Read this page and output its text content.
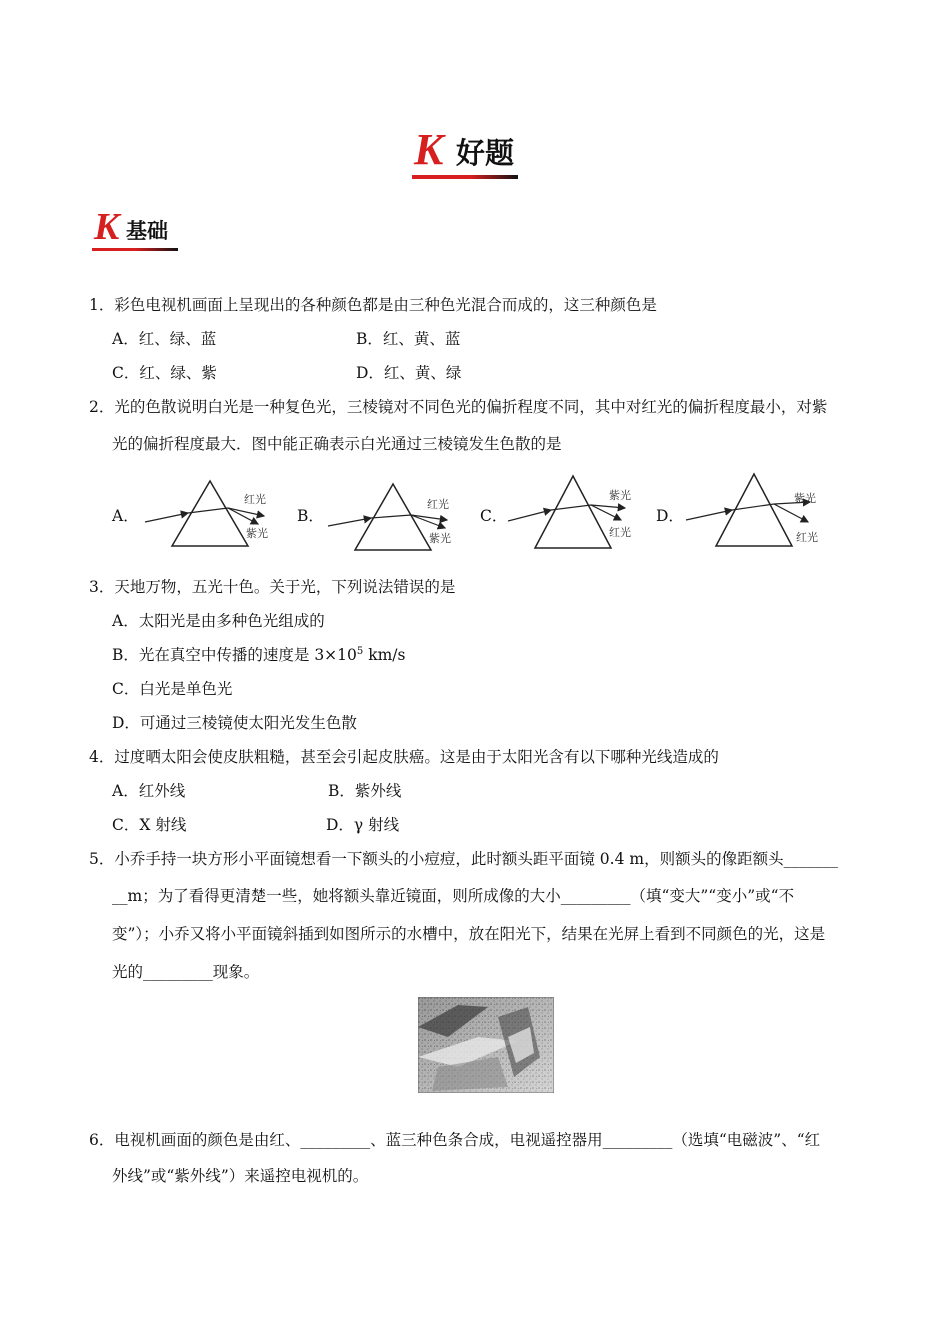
K 好题
K 基础
1．彩色电视机画面上呈现出的各种颜色都是由三种色光混合而成的，这三种颜色是
A．红、绿、蓝	B．红、黄、蓝
C．红、绿、紫	D．红、黄、绿
2．光的色散说明白光是一种复色光，三棱镜对不同色光的偏折程度不同，其中对红光的偏折程度最小，对紫
光的偏折程度最大．图中能正确表示白光通过三棱镜发生色散的是
A．	B．	C．	D．
红光
紫光
红光
紫光
紫光
红光
紫光
红光
3．天地万物，五光十色。关于光，下列说法错误的是
A．太阳光是由多种色光组成的
B．光在真空中传播的速度是 $3\times 10^5$ km/s
C．白光是单色光
D．可通过三棱镜使太阳光发生色散
4．过度晒太阳会使皮肤粗糙，甚至会引起皮肤癌。这是由于太阳光含有以下哪种光线造成的
A．红外线	B．紫外线
C．X 射线	D．γ 射线
5．小乔手持一块方形小平面镜想看一下额头的小痘痘，此时额头距平面镜 0.4 m，则额头的像距额头_______
__m；为了看得更清楚一些，她将额头靠近镜面，则所成像的大小_________（填“变大”“变小”或“不
变”）；小乔又将小平面镜斜插到如图所示的水槽中，放在阳光下，结果在光屏上看到不同颜色的光，这是
光的_________现象。
6．电视机画面的颜色是由红、_________、蓝三种色条合成，电视遥控器用_________（选填“电磁波”、“红
外线”或“紫外线”）来遥控电视机的。
